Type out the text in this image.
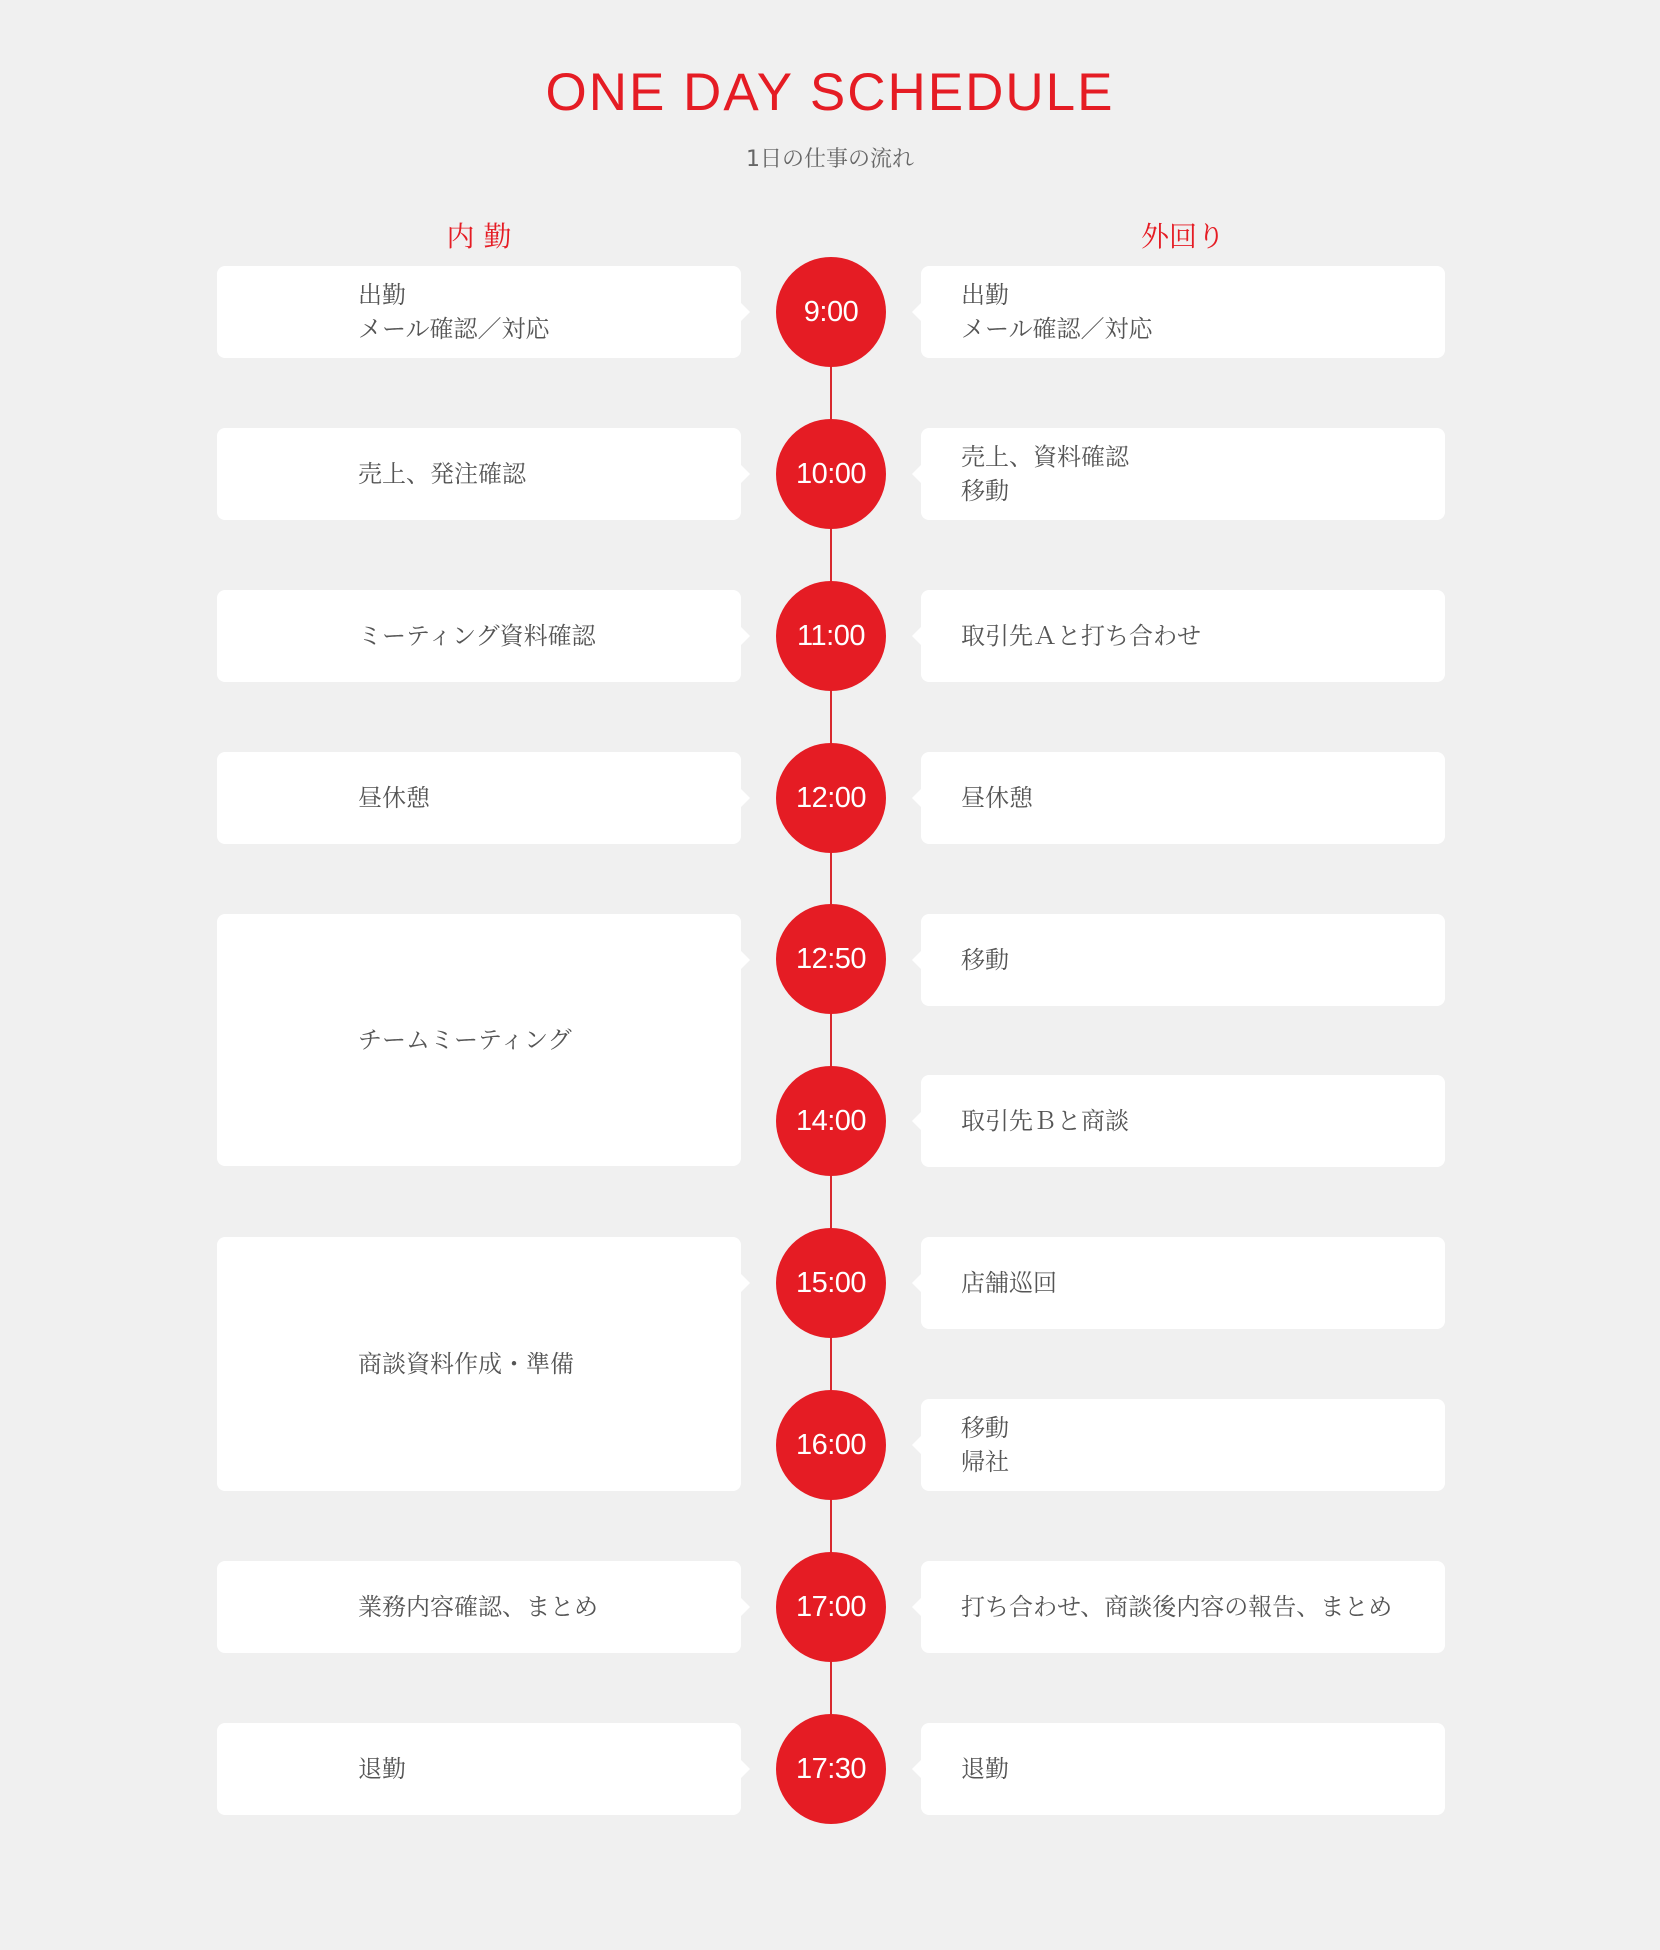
ONE DAY SCHEDULE
1日の仕事の流れ
内 勤	外回り
出勤
メール確認／対応
売上、発注確認
ミーティング資料確認
昼休憩
チームミーティング
商談資料作成・準備
業務内容確認、まとめ
退勤
出勤
メール確認／対応
売上、資料確認
移動
取引先Ａと打ち合わせ
昼休憩
移動
取引先Ｂと商談
店舗巡回
移動
帰社
打ち合わせ、商談後内容の報告、まとめ
退勤
9:00
10:00
11:00
12:00
12:50
14:00
15:00
16:00
17:00
17:30
